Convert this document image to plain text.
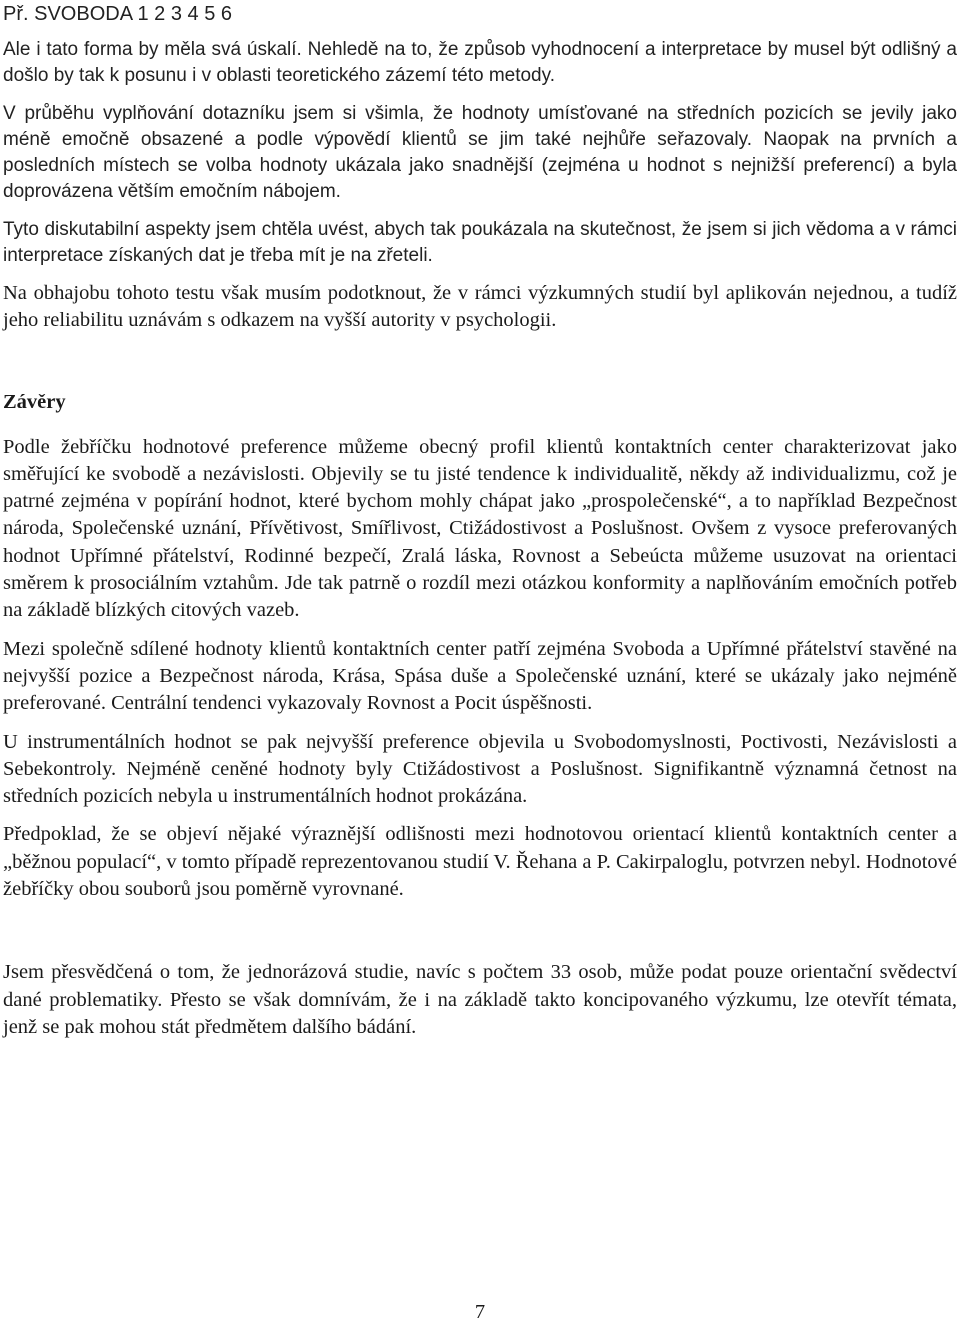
Př. SVOBODA 1 2 3 4 5 6

Ale i tato forma by měla svá úskalí. Nehledě na to, že způsob vyhodnocení a interpretace by musel být odlišný a došlo by tak k posunu i v oblasti teoretického zázemí této metody.

V průběhu vyplňování dotazníku jsem si všimla, že hodnoty umísťované na středních pozicích se jevily jako méně emočně obsazené a podle výpovědí klientů se jim také nejhůře seřazovaly. Naopak na prvních a posledních místech se volba hodnoty ukázala jako snadnější (zejména u hodnot s nejnižší preferencí) a byla doprovázena větším emočním nábojem.

Tyto diskutabilní aspekty jsem chtěla uvést, abych tak poukázala na skutečnost, že jsem si jich vědoma a v rámci interpretace získaných dat je třeba mít je na zřeteli.

Na obhajobu tohoto testu však musím podotknout, že v rámci výzkumných studií byl aplikován nejednou, a tudíž jeho reliabilitu uznávám s odkazem na vyšší autority v psychologii.

Závěry

Podle žebříčku hodnotové preference můžeme obecný profil klientů kontaktních center charakterizovat jako směřující ke svobodě a nezávislosti. Objevily se tu jisté tendence k individualitě, někdy až individualizmu, což je patrné zejména v popírání hodnot, které bychom mohly chápat jako „prospolečenské“, a to například Bezpečnost národa, Společenské uznání, Přívětivost, Smířlivost, Ctižádostivost a Poslušnost. Ovšem z vysoce preferovaných hodnot Upřímné přátelství, Rodinné bezpečí, Zralá láska, Rovnost a Sebeúcta můžeme usuzovat na orientaci směrem k prosociálním vztahům. Jde tak patrně o rozdíl mezi otázkou konformity a naplňováním emočních potřeb na základě blízkých citových vazeb.

Mezi společně sdílené hodnoty klientů kontaktních center patří zejména Svoboda a Upřímné přátelství stavěné na nejvyšší pozice a Bezpečnost národa, Krása, Spása duše a Společenské uznání, které se ukázaly jako nejméně preferované. Centrální tendenci vykazovaly Rovnost a Pocit úspěšnosti.

U instrumentálních hodnot se pak nejvyšší preference objevila u Svobodomyslnosti, Poctivosti, Nezávislosti a Sebekontroly. Nejméně ceněné hodnoty byly Ctižádostivost a Poslušnost. Signifikantně významná četnost na středních pozicích nebyla u instrumentálních hodnot prokázána.

Předpoklad, že se objeví nějaké výraznější odlišnosti mezi hodnotovou orientací klientů kontaktních center a „běžnou populací“, v tomto případě reprezentovanou studií V. Řehana a P. Cakirpaloglu, potvrzen nebyl. Hodnotové žebříčky obou souborů jsou poměrně vyrovnané.

Jsem přesvědčená o tom, že jednorázová studie, navíc s počtem 33 osob, může podat pouze orientační svědectví dané problematiky. Přesto se však domnívám, že i na základě takto koncipovaného výzkumu, lze otevřít témata, jenž se pak mohou stát předmětem dalšího bádání.

7
